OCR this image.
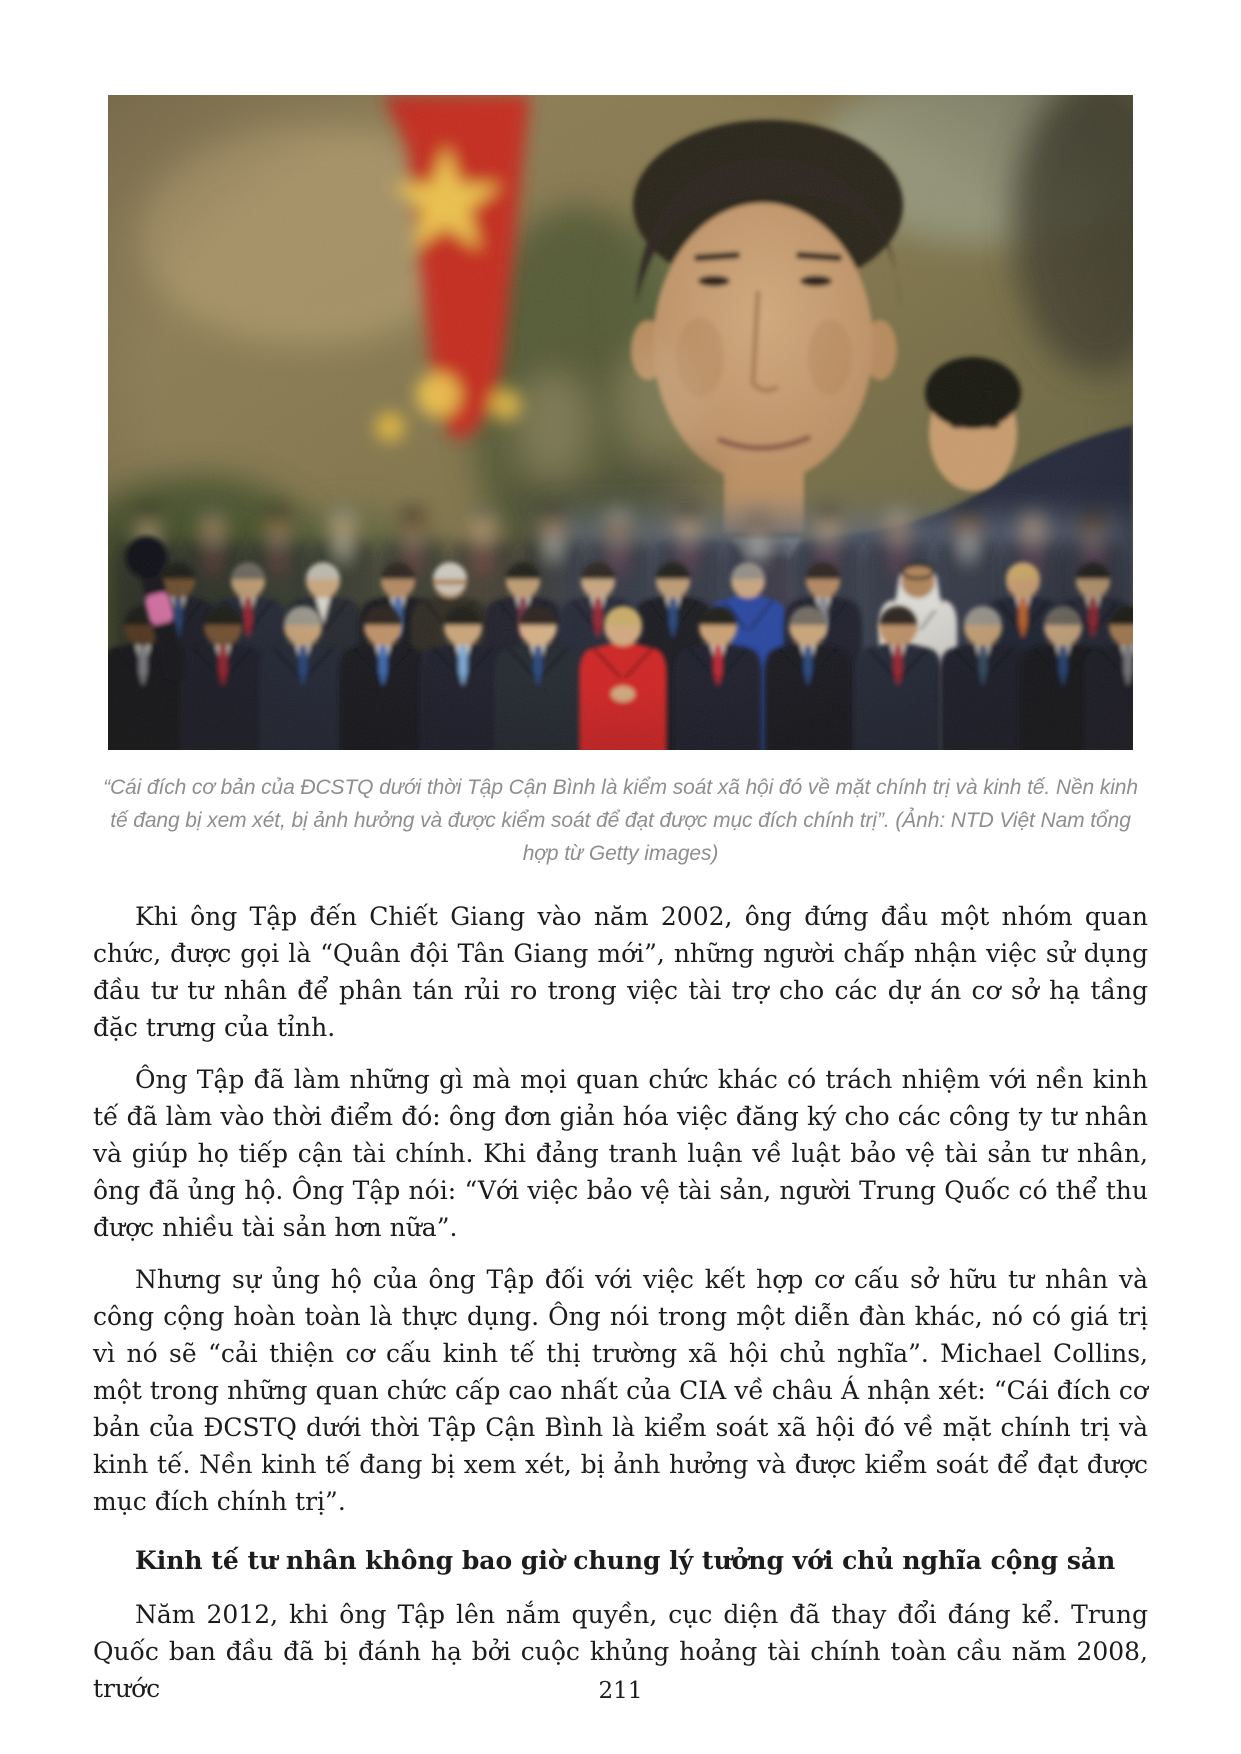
“Cái đích cơ bản của ĐCSTQ dưới thời Tập Cận Bình là kiểm soát xã hội đó về mặt chính trị và kinh tế. Nền kinh tế đang bị xem xét, bị ảnh hưởng và được kiểm soát để đạt được mục đích chính trị”. (Ảnh: NTD Việt Nam tổng hợp từ Getty images)

Khi ông Tập đến Chiết Giang vào năm 2002, ông đứng đầu một nhóm quan chức, được gọi là “Quân đội Tân Giang mới”, những người chấp nhận việc sử dụng đầu tư tư nhân để phân tán rủi ro trong việc tài trợ cho các dự án cơ sở hạ tầng đặc trưng của tỉnh.

Ông Tập đã làm những gì mà mọi quan chức khác có trách nhiệm với nền kinh tế đã làm vào thời điểm đó: ông đơn giản hóa việc đăng ký cho các công ty tư nhân và giúp họ tiếp cận tài chính. Khi đảng tranh luận về luật bảo vệ tài sản tư nhân, ông đã ủng hộ. Ông Tập nói: “Với việc bảo vệ tài sản, người Trung Quốc có thể thu được nhiều tài sản hơn nữa”.

Nhưng sự ủng hộ của ông Tập đối với việc kết hợp cơ cấu sở hữu tư nhân và công cộng hoàn toàn là thực dụng. Ông nói trong một diễn đàn khác, nó có giá trị vì nó sẽ “cải thiện cơ cấu kinh tế thị trường xã hội chủ nghĩa”. Michael Collins, một trong những quan chức cấp cao nhất của CIA về châu Á nhận xét: “Cái đích cơ bản của ĐCSTQ dưới thời Tập Cận Bình là kiểm soát xã hội đó về mặt chính trị và kinh tế. Nền kinh tế đang bị xem xét, bị ảnh hưởng và được kiểm soát để đạt được mục đích chính trị”.

Kinh tế tư nhân không bao giờ chung lý tưởng với chủ nghĩa cộng sản

Năm 2012, khi ông Tập lên nắm quyền, cục diện đã thay đổi đáng kể. Trung Quốc ban đầu đã bị đánh hạ bởi cuộc khủng hoảng tài chính toàn cầu năm 2008, trước	211
